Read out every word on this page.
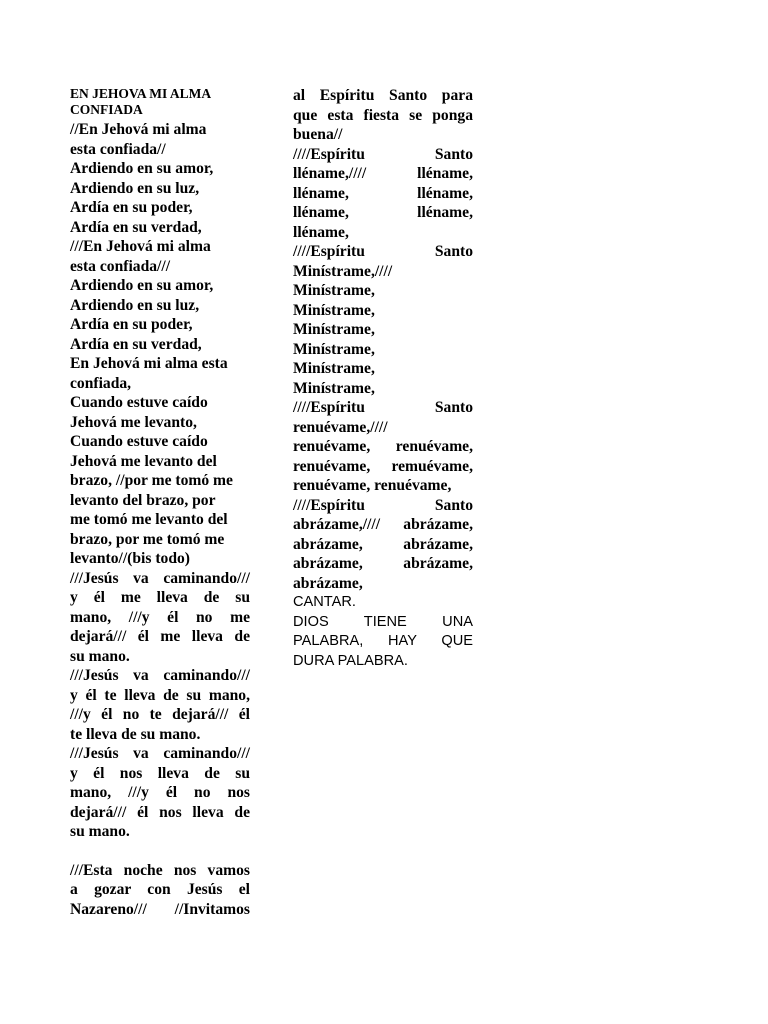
EN JEHOVA MI ALMA
CONFIADA
//En Jehová mi alma
esta confiada//
Ardiendo en su amor,
Ardiendo en su luz,
Ardía en su poder,
Ardía en su verdad,
///En Jehová mi alma
esta confiada///
Ardiendo en su amor,
Ardiendo en su luz,
Ardía en su poder,
Ardía en su verdad,
En Jehová mi alma esta
confiada,
Cuando estuve caído
Jehová me levanto,
Cuando estuve caído
Jehová me levanto del
brazo, //por me tomó me
levanto del brazo, por
me tomó me levanto del
brazo, por me tomó me
levanto//(bis todo)
///Jesús va caminando///
y él me lleva de su
mano, ///y él no me
dejará/// él me lleva de
su mano.
///Jesús va caminando///
y él te lleva de su mano,
///y él no te dejará/// él
te lleva de su mano.
///Jesús va caminando///
y él nos lleva de su
mano, ///y él no nos
dejará/// él nos lleva de
su mano.
///Esta noche nos vamos
a gozar con Jesús el
Nazareno/// //Invitamos
al Espíritu Santo para
que esta fiesta se ponga
buena//
////Espíritu Santo
lléname,//// lléname,
lléname, lléname,
lléname, lléname,
lléname,
////Espíritu Santo
Minístrame,////
Minístrame,
Minístrame,
Minístrame,
Minístrame,
Minístrame,
Minístrame,
////Espíritu Santo
renuévame,////
renuévame, renuévame,
renuévame, remuévame,
renuévame, renuévame,
////Espíritu Santo
abrázame,//// abrázame,
abrázame, abrázame,
abrázame, abrázame,
abrázame,
CANTAR.
DIOS TIENE UNA
PALABRA, HAY QUE
DURA PALABRA.
